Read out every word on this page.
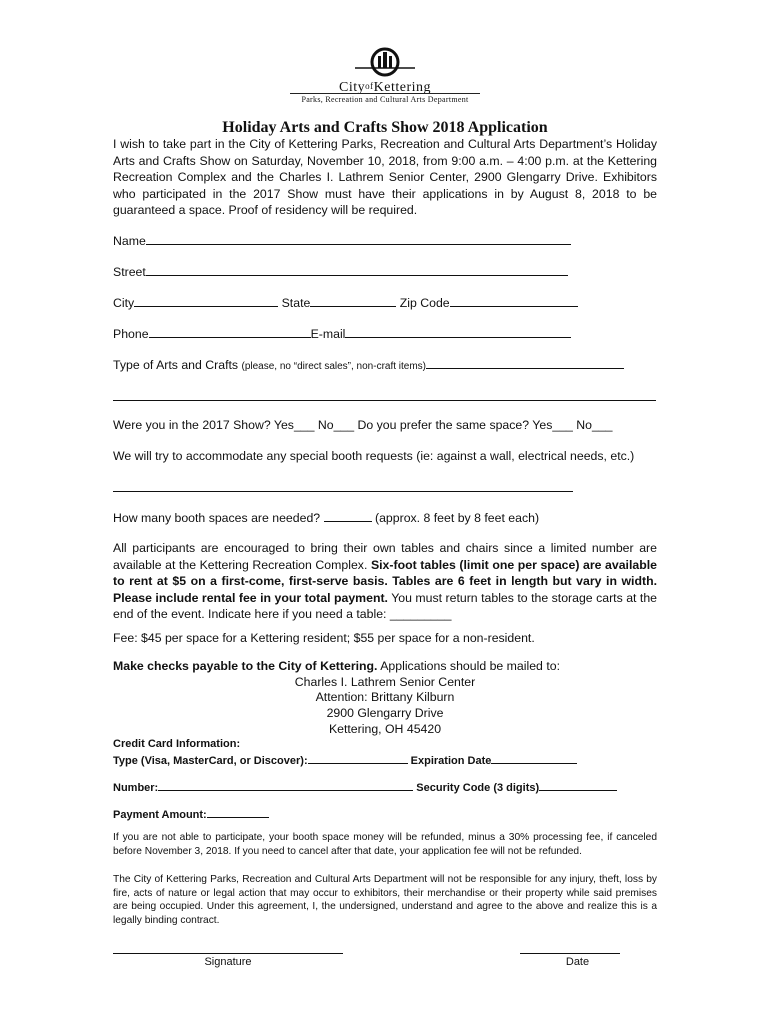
CityofKettering
Parks, Recreation and Cultural Arts Department
Holiday Arts and Crafts Show 2018 Application
I wish to take part in the City of Kettering Parks, Recreation and Cultural Arts Department’s Holiday Arts and Crafts Show on Saturday, November 10, 2018, from 9:00 a.m. – 4:00 p.m. at the Kettering Recreation Complex and the Charles I. Lathrem Senior Center, 2900 Glengarry Drive. Exhibitors who participated in the 2017 Show must have their applications in by August 8, 2018 to be guaranteed a space. Proof of residency will be required.
Name
Street
City	State	Zip Code
Phone	E-mail
Type of Arts and Crafts (please, no “direct sales”, non-craft items)
Were you in the 2017 Show? Yes___ No___ Do you prefer the same space? Yes___ No___
We will try to accommodate any special booth requests (ie: against a wall, electrical needs, etc.)
How many booth spaces are needed?	(approx. 8 feet by 8 feet each)
All participants are encouraged to bring their own tables and chairs since a limited number are available at the Kettering Recreation Complex. Six-foot tables (limit one per space) are available to rent at $5 on a first-come, first-serve basis. Tables are 6 feet in length but vary in width. Please include rental fee in your total payment. You must return tables to the storage carts at the end of the event. Indicate here if you need a table: _________
Fee: $45 per space for a Kettering resident; $55 per space for a non-resident.
Make checks payable to the City of Kettering. Applications should be mailed to:
Charles I. Lathrem Senior Center
Attention: Brittany Kilburn
2900 Glengarry Drive
Kettering, OH 45420
Credit Card Information:
Type (Visa, MasterCard, or Discover):	Expiration Date
Number:	Security Code (3 digits)
Payment Amount:
If you are not able to participate, your booth space money will be refunded, minus a 30% processing fee, if canceled before November 3, 2018. If you need to cancel after that date, your application fee will not be refunded.
The City of Kettering Parks, Recreation and Cultural Arts Department will not be responsible for any injury, theft, loss by fire, acts of nature or legal action that may occur to exhibitors, their merchandise or their property while said premises are being occupied. Under this agreement, I, the undersigned, understand and agree to the above and realize this is a legally binding contract.
Signature	Date
